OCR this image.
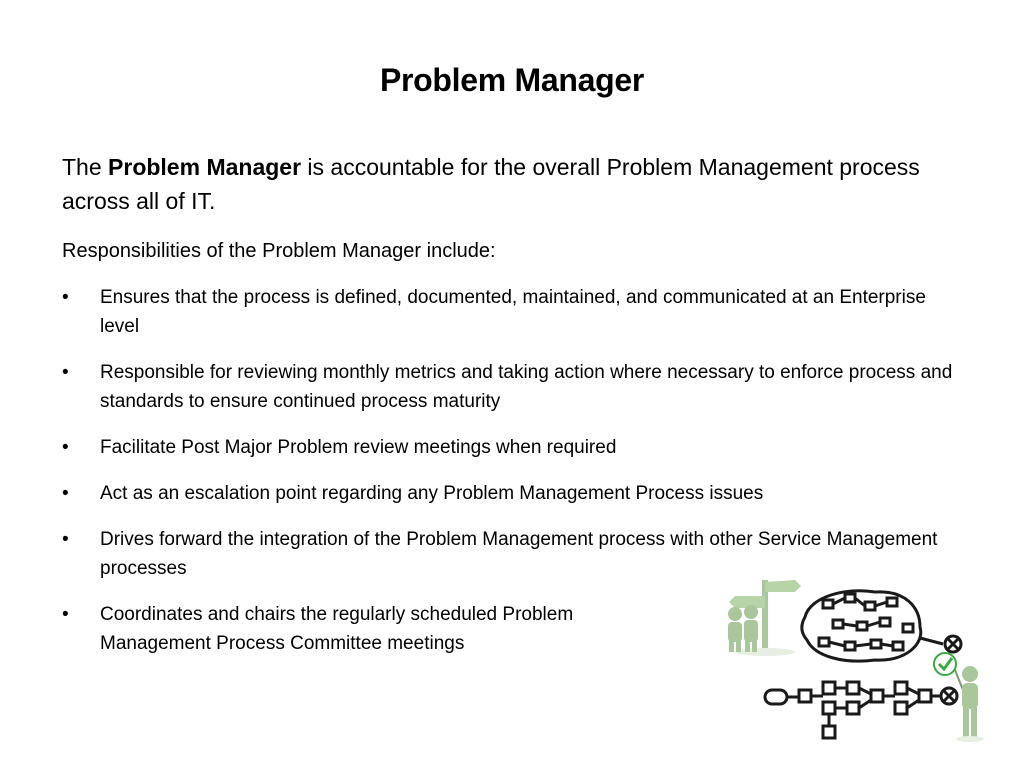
Problem Manager
The Problem Manager is accountable for the overall Problem Management process across all of IT.
Responsibilities of the Problem Manager include:
•	Ensures that the process is defined, documented, maintained, and communicated at an Enterprise level
•	Responsible for reviewing monthly metrics and taking action where necessary to enforce process and standards to ensure continued process maturity
•	Facilitate Post Major Problem review meetings when required
•	Act as an escalation point regarding any Problem Management Process issues
•	Drives forward the integration of the Problem Management process with other Service Management processes
•	Coordinates and chairs the regularly scheduled Problem Management Process Committee meetings
